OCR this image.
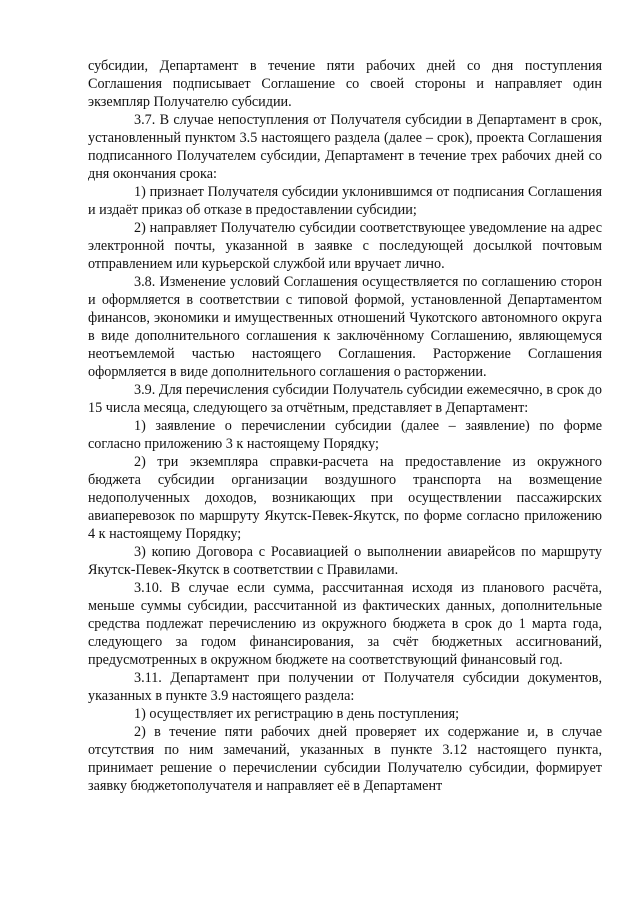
субсидии, Департамент в течение пяти рабочих дней со дня поступления Соглашения подписывает Соглашение со своей стороны и направляет один экземпляр Получателю субсидии.

3.7. В случае непоступления от Получателя субсидии в Департамент в срок, установленный пунктом 3.5 настоящего раздела (далее – срок), проекта Соглашения подписанного Получателем субсидии, Департамент в течение трех рабочих дней со дня окончания срока:

1) признает Получателя субсидии уклонившимся от подписания Соглашения и издаёт приказ об отказе в предоставлении субсидии;

2) направляет Получателю субсидии соответствующее уведомление на адрес электронной почты, указанной в заявке с последующей досылкой почтовым отправлением или курьерской службой или вручает лично.

3.8. Изменение условий Соглашения осуществляется по соглашению сторон и оформляется в соответствии с типовой формой, установленной Департаментом финансов, экономики и имущественных отношений Чукотского автономного округа в виде дополнительного соглашения к заключённому Соглашению, являющемуся неотъемлемой частью настоящего Соглашения. Расторжение Соглашения оформляется в виде дополнительного соглашения о расторжении.

3.9. Для перечисления субсидии Получатель субсидии ежемесячно, в срок до 15 числа месяца, следующего за отчётным, представляет в Департамент:

1) заявление о перечислении субсидии (далее – заявление) по форме согласно приложению 3 к настоящему Порядку;

2) три экземпляра справки-расчета на предоставление из окружного бюджета субсидии организации воздушного транспорта на возмещение недополученных доходов, возникающих при осуществлении пассажирских авиаперевозок по маршруту Якутск-Певек-Якутск, по форме согласно приложению 4 к настоящему Порядку;

3) копию Договора с Росавиацией о выполнении авиарейсов по маршруту Якутск-Певек-Якутск в соответствии с Правилами.

3.10. В случае если сумма, рассчитанная исходя из планового расчёта, меньше суммы субсидии, рассчитанной из фактических данных, дополнительные средства подлежат перечислению из окружного бюджета в срок до 1 марта года, следующего за годом финансирования, за счёт бюджетных ассигнований, предусмотренных в окружном бюджете на соответствующий финансовый год.

3.11. Департамент при получении от Получателя субсидии документов, указанных в пункте 3.9 настоящего раздела:

1) осуществляет их регистрацию в день поступления;

2) в течение пяти рабочих дней проверяет их содержание и, в случае отсутствия по ним замечаний, указанных в пункте 3.12 настоящего пункта, принимает решение о перечислении субсидии Получателю субсидии, формирует заявку бюджетополучателя и направляет её в Департамент
